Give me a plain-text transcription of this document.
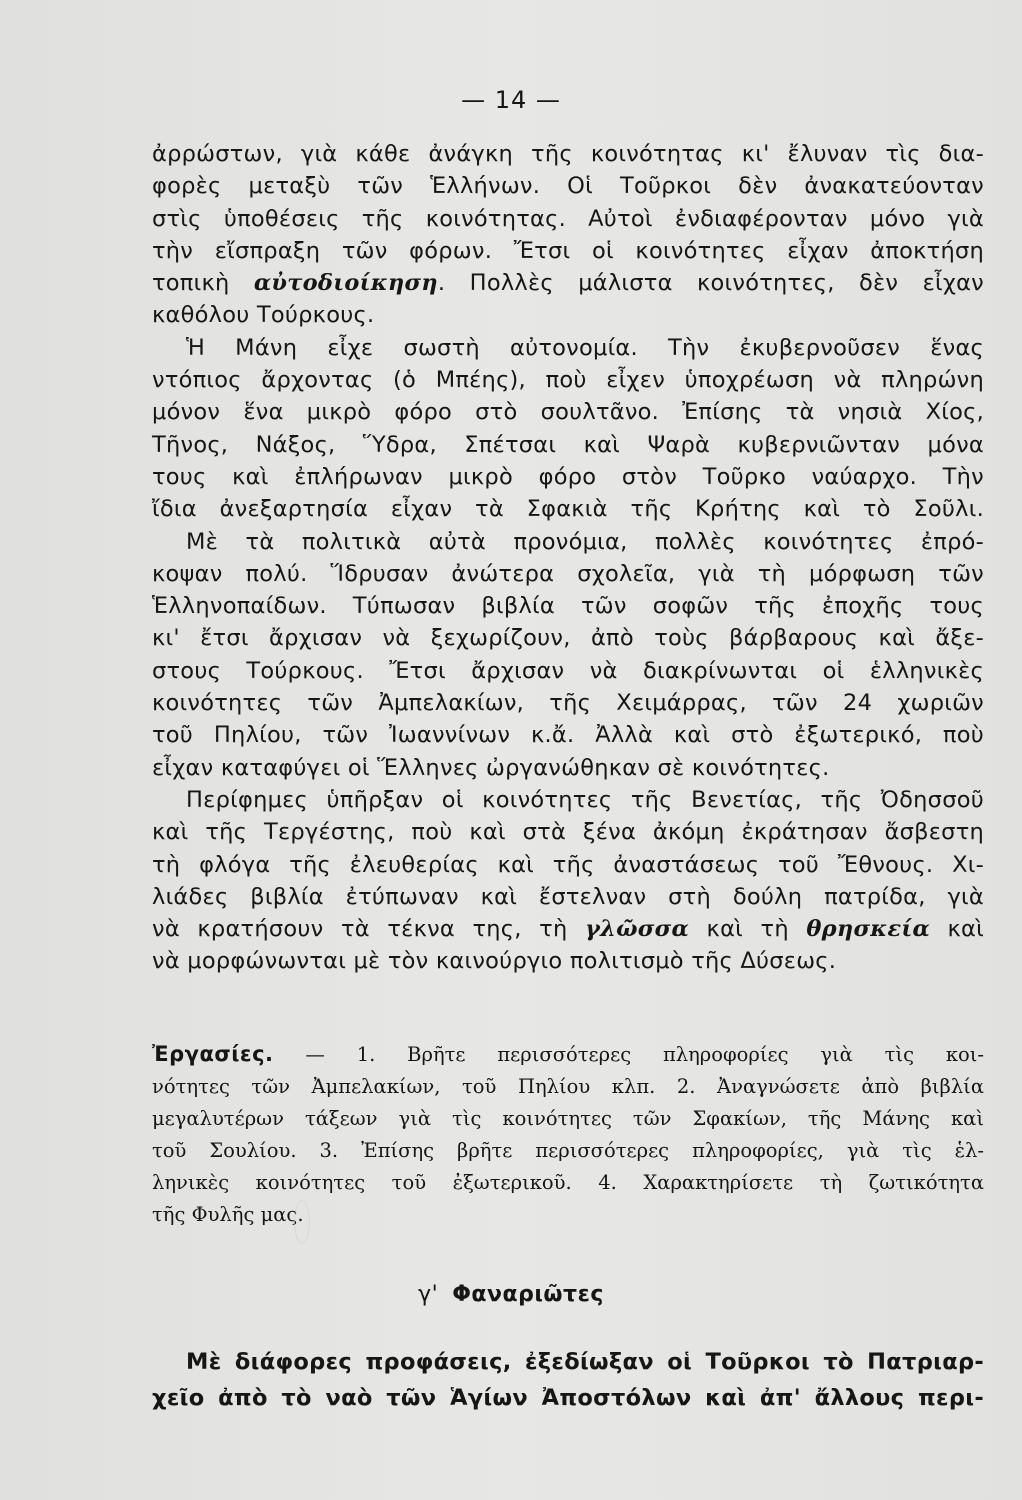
— 14 —
ἀρρώστων, γιὰ κάθε ἀνάγκη τῆς κοινότητας κι' ἔλυναν τὶς δια-
φορὲς μεταξὺ τῶν Ἑλλήνων. Οἱ Τοῦρκοι δὲν ἀνακατεύονταν
στὶς ὑποθέσεις τῆς κοινότητας. Αὐτοὶ ἐνδιαφέρονταν μόνο γιὰ
τὴν εἴσπραξη τῶν φόρων. Ἔτσι οἱ κοινότητες εἶχαν ἀποκτήση
τοπικὴ αὐτοδιοίκηση. Πολλὲς μάλιστα κοινότητες, δὲν εἶχαν
καθόλου Τούρκους.
Ἡ Μάνη εἶχε σωστὴ αὐτονομία. Τὴν ἐκυβερνοῦσεν ἕνας
ντόπιος ἄρχοντας (ὁ Μπέης), ποὺ εἶχεν ὑποχρέωση νὰ πληρώνη
μόνον ἕνα μικρὸ φόρο στὸ σουλτᾶνο. Ἐπίσης τὰ νησιὰ Χίος,
Τῆνος, Νάξος, Ὕδρα, Σπέτσαι καὶ Ψαρὰ κυβερνιῶνταν μόνα
τους καὶ ἐπλήρωναν μικρὸ φόρο στὸν Τοῦρκο ναύαρχο. Τὴν
ἴδια ἀνεξαρτησία εἶχαν τὰ Σφακιὰ τῆς Κρήτης καὶ τὸ Σοῦλι.
Μὲ τὰ πολιτικὰ αὐτὰ προνόμια, πολλὲς κοινότητες ἐπρό-
κοψαν πολύ. Ἵδρυσαν ἀνώτερα σχολεῖα, γιὰ τὴ μόρφωση τῶν
Ἑλληνοπαίδων. Τύπωσαν βιβλία τῶν σοφῶν τῆς ἐποχῆς τους
κι' ἔτσι ἄρχισαν νὰ ξεχωρίζουν, ἀπὸ τοὺς βάρβαρους καὶ ἄξε-
στους Τούρκους. Ἔτσι ἄρχισαν νὰ διακρίνωνται οἱ ἑλληνικὲς
κοινότητες τῶν Ἀμπελακίων, τῆς Χειμάρρας, τῶν 24 χωριῶν
τοῦ Πηλίου, τῶν Ἰωαννίνων κ.ἄ. Ἀλλὰ καὶ στὸ ἐξωτερικό, ποὺ
εἶχαν καταφύγει οἱ Ἕλληνες ὠργανώθηκαν σὲ κοινότητες.
Περίφημες ὑπῆρξαν οἱ κοινότητες τῆς Βενετίας, τῆς Ὀδησσοῦ
καὶ τῆς Τεργέστης, ποὺ καὶ στὰ ξένα ἀκόμη ἐκράτησαν ἄσβεστη
τὴ φλόγα τῆς ἐλευθερίας καὶ τῆς ἀναστάσεως τοῦ Ἔθνους. Χι-
λιάδες βιβλία ἐτύπωναν καὶ ἔστελναν στὴ δούλη πατρίδα, γιὰ
νὰ κρατήσουν τὰ τέκνα της, τὴ γλῶσσα καὶ τὴ θρησκεία καὶ
νὰ μορφώνωνται μὲ τὸν καινούργιο πολιτισμὸ τῆς Δύσεως.
Ἐργασίες. — 1. Βρῆτε περισσότερες πληροφορίες γιὰ τὶς κοι-
νότητες τῶν Ἀμπελακίων, τοῦ Πηλίου κλπ. 2. Ἀναγνώσετε ἀπὸ βιβλία
μεγαλυτέρων τάξεων γιὰ τὶς κοινότητες τῶν Σφακίων, τῆς Μάνης καὶ
τοῦ Σουλίου. 3. Ἐπίσης βρῆτε περισσότερες πληροφορίες, γιὰ τὶς ἑλ-
ληνικὲς κοινότητες τοῦ ἐξωτερικοῦ. 4. Χαρακτηρίσετε τὴ ζωτικότητα
τῆς Φυλῆς μας.
γ' Φαναριῶτες
Μὲ διάφορες προφάσεις, ἐξεδίωξαν οἱ Τοῦρκοι τὸ Πατριαρ-
χεῖο ἀπὸ τὸ ναὸ τῶν Ἁγίων Ἀποστόλων καὶ ἀπ' ἄλλους περι-
